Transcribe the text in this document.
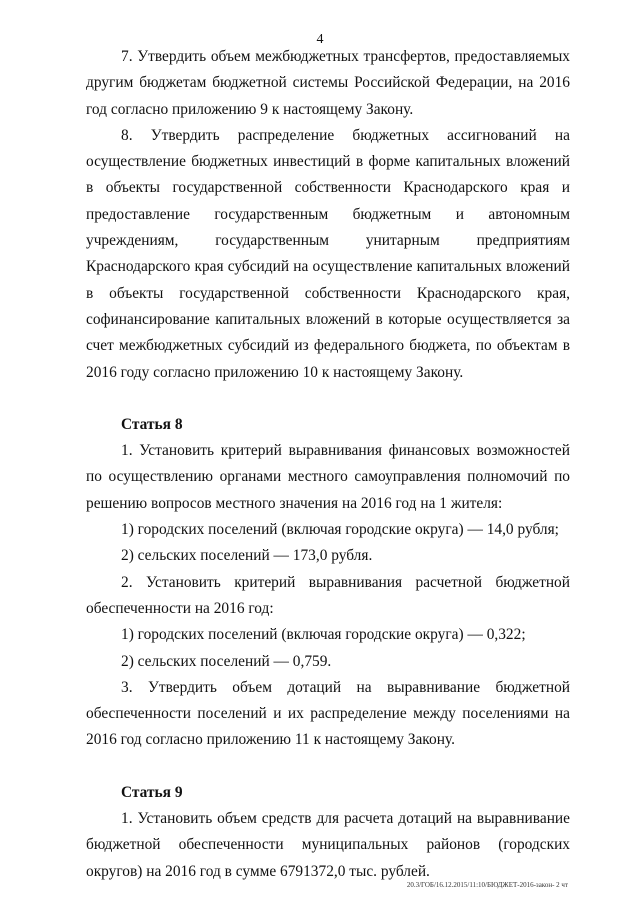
4

7. Утвердить объем межбюджетных трансфертов, предоставляемых другим бюджетам бюджетной системы Российской Федерации, на 2016 год согласно приложению 9 к настоящему Закону.

8. Утвердить распределение бюджетных ассигнований на осуществление бюджетных инвестиций в форме капитальных вложений в объекты государственной собственности Краснодарского края и предоставление государственным бюджетным и автономным учреждениям, государственным унитарным предприятиям Краснодарского края субсидий на осуществление капитальных вложений в объекты государственной собственности Краснодарского края, софинансирование капитальных вложений в которые осуществляется за счет межбюджетных субсидий из федерального бюджета, по объектам в 2016 году согласно приложению 10 к настоящему Закону.

Статья 8

1. Установить критерий выравнивания финансовых возможностей по осуществлению органами местного самоуправления полномочий по решению вопросов местного значения на 2016 год на 1 жителя:

1) городских поселений (включая городские округа) — 14,0 рубля;

2) сельских поселений — 173,0 рубля.

2. Установить критерий выравнивания расчетной бюджетной обеспеченности на 2016 год:

1) городских поселений (включая городские округа) — 0,322;

2) сельских поселений — 0,759.

3. Утвердить объем дотаций на выравнивание бюджетной обеспеченности поселений и их распределение между поселениями на 2016 год согласно приложению 11 к настоящему Закону.

Статья 9

1. Установить объем средств для расчета дотаций на выравнивание бюджетной обеспеченности муниципальных районов (городских округов) на 2016 год в сумме 6791372,0 тыс. рублей.

20.3/ГОБ/16.12.2015/11:10/БЮДЖЕТ-2016-закон- 2 чт
